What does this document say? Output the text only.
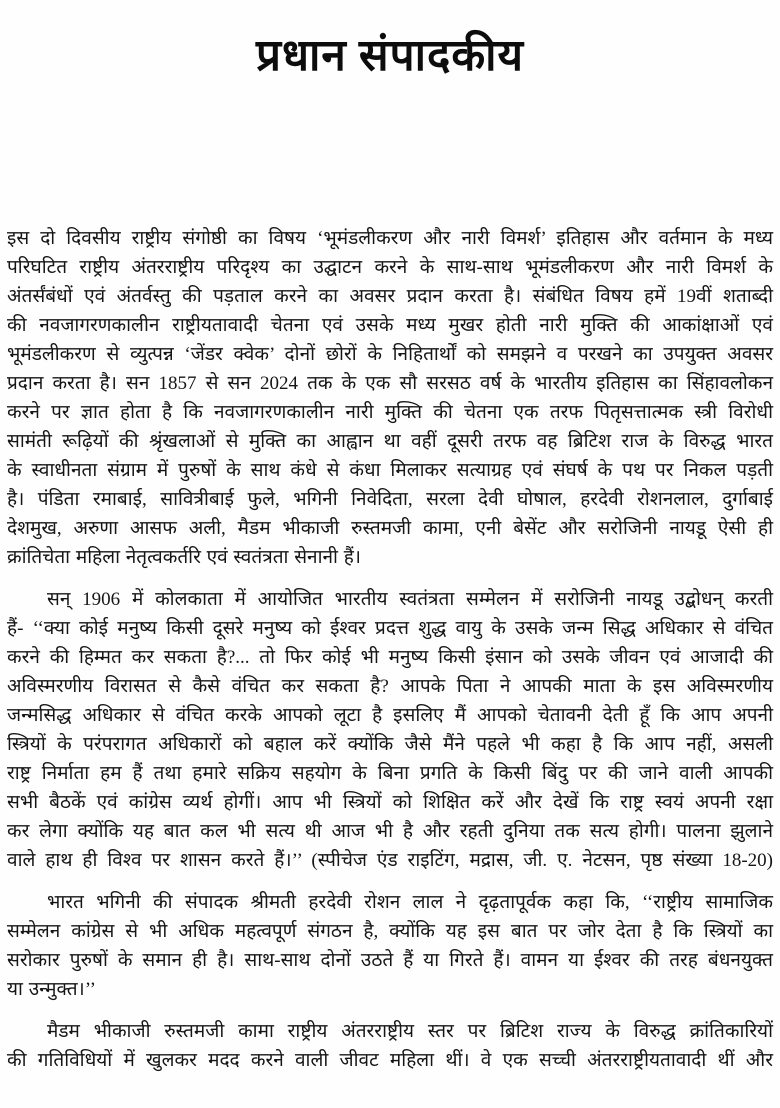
प्रधान संपादकीय
इस दो दिवसीय राष्ट्रीय संगोष्ठी का विषय ‘भूमंडलीकरण और नारी विमर्श’ इतिहास और वर्तमान के मध्य
परिघटित राष्ट्रीय अंतरराष्ट्रीय परिदृश्य का उद्घाटन करने के साथ-साथ भूमंडलीकरण और नारी विमर्श के
अंतर्संबंधों एवं अंतर्वस्तु की पड़ताल करने का अवसर प्रदान करता है। संबंधित विषय हमें 19वीं शताब्दी
की नवजागरणकालीन राष्ट्रीयतावादी चेतना एवं उसके मध्य मुखर होती नारी मुक्ति की आकांक्षाओं एवं
भूमंडलीकरण से व्युत्पन्न ‘जेंडर क्वेक’ दोनों छोरों के निहितार्थों को समझने व परखने का उपयुक्त अवसर
प्रदान करता है। सन 1857 से सन 2024 तक के एक सौ सरसठ वर्ष के भारतीय इतिहास का सिंहावलोकन
करने पर ज्ञात होता है कि नवजागरणकालीन नारी मुक्ति की चेतना एक तरफ पितृसत्तात्मक स्त्री विरोधी
सामंती रूढ़ियों की श्रृंखलाओं से मुक्ति का आह्वान था वहीं दूसरी तरफ वह ब्रिटिश राज के विरुद्ध भारत
के स्वाधीनता संग्राम में पुरुषों के साथ कंधे से कंधा मिलाकर सत्याग्रह एवं संघर्ष के पथ पर निकल पड़ती
है। पंडिता रमाबाई, सावित्रीबाई फुले, भगिनी निवेदिता, सरला देवी घोषाल, हरदेवी रोशनलाल, दुर्गाबाई
देशमुख, अरुणा आसफ अली, मैडम भीकाजी रुस्तमजी कामा, एनी बेसेंट और सरोजिनी नायडू ऐसी ही
क्रांतिचेता महिला नेतृत्वकर्तरि एवं स्वतंत्रता सेनानी हैं।
सन् 1906 में कोलकाता में आयोजित भारतीय स्वतंत्रता सम्मेलन में सरोजिनी नायडू उद्बोधन् करती
हैं- ‘‘क्या कोई मनुष्य किसी दूसरे मनुष्य को ईश्वर प्रदत्त शुद्ध वायु के उसके जन्म सिद्ध अधिकार से वंचित
करने की हिम्मत कर सकता है?... तो फिर कोई भी मनुष्य किसी इंसान को उसके जीवन एवं आजादी की
अविस्मरणीय विरासत से कैसे वंचित कर सकता है? आपके पिता ने आपकी माता के इस अविस्मरणीय
जन्मसिद्ध अधिकार से वंचित करके आपको लूटा है इसलिए मैं आपको चेतावनी देती हूँ कि आप अपनी
स्त्रियों के परंपरागत अधिकारों को बहाल करें क्योंकि जैसे मैंने पहले भी कहा है कि आप नहीं, असली
राष्ट्र निर्माता हम हैं तथा हमारे सक्रिय सहयोग के बिना प्रगति के किसी बिंदु पर की जाने वाली आपकी
सभी बैठकें एवं कांग्रेस व्यर्थ होगीं। आप भी स्त्रियों को शिक्षित करें और देखें कि राष्ट्र स्वयं अपनी रक्षा
कर लेगा क्योंकि यह बात कल भी सत्य थी आज भी है और रहती दुनिया तक सत्य होगी। पालना झुलाने
वाले हाथ ही विश्व पर शासन करते हैं।’’ (स्पीचेज एंड राइटिंग, मद्रास, जी. ए. नेटसन, पृष्ठ संख्या 18-20)
भारत भगिनी की संपादक श्रीमती हरदेवी रोशन लाल ने दृढ़तापूर्वक कहा कि, ‘‘राष्ट्रीय सामाजिक
सम्मेलन कांग्रेस से भी अधिक महत्वपूर्ण संगठन है, क्योंकि यह इस बात पर जोर देता है कि स्त्रियों का
सरोकार पुरुषों के समान ही है। साथ-साथ दोनों उठते हैं या गिरते हैं। वामन या ईश्वर की तरह बंधनयुक्त
या उन्मुक्त।’’
मैडम भीकाजी रुस्तमजी कामा राष्ट्रीय अंतरराष्ट्रीय स्तर पर ब्रिटिश राज्य के विरुद्ध क्रांतिकारियों
की गतिविधियों में खुलकर मदद करने वाली जीवट महिला थीं। वे एक सच्ची अंतरराष्ट्रीयतावादी थीं और
